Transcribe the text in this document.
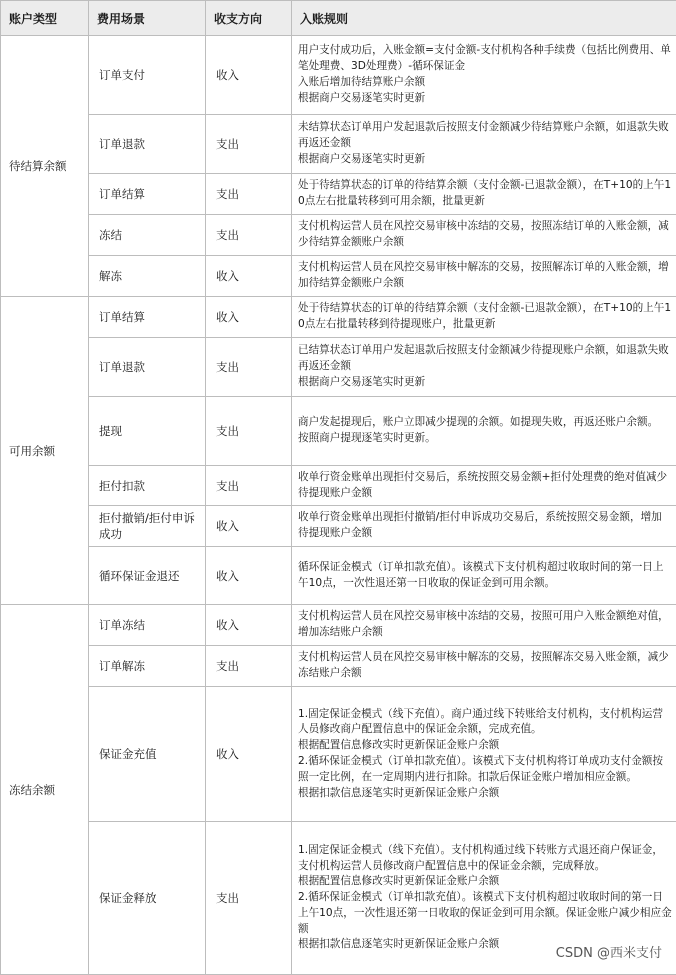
账户类型	费用场景	收支方向	入账规则
待结算余额	订单支付	收入	用户支付成功后，入账金额=支付金额-支付机构各种手续费（包括比例费用、单笔处理费、3D处理费）-循环保证金
入账后增加待结算账户余额
根据商户交易逐笔实时更新

	订单退款	支出	未结算状态订单用户发起退款后按照支付金额减少待结算账户余额，如退款失败再返还金额
根据商户交易逐笔实时更新

	订单结算	支出	处于待结算状态的订单的待结算余额（支付金额-已退款金额），在T+10的上午10点左右批量转移到可用余额，批量更新

	冻结	支出	支付机构运营人员在风控交易审核中冻结的交易，按照冻结订单的入账金额，减少待结算金额账户余额

	解冻	收入	支付机构运营人员在风控交易审核中解冻的交易，按照解冻订单的入账金额，增加待结算金额账户余额

可用余额	订单结算	收入	处于待结算状态的订单的待结算余额（支付金额-已退款金额），在T+10的上午10点左右批量转移到待提现账户，批量更新

	订单退款	支出	已结算状态订单用户发起退款后按照支付金额减少待提现账户余额，如退款失败再返还金额
根据商户交易逐笔实时更新

	提现	支出	商户发起提现后，账户立即减少提现的余额。如提现失败，再返还账户余额。
按照商户提现逐笔实时更新。

	拒付扣款	支出	收单行资金账单出现拒付交易后，系统按照交易金额+拒付处理费的绝对值减少待提现账户金额

	拒付撤销/拒付申诉成功	收入	收单行资金账单出现拒付撤销/拒付申诉成功交易后，系统按照交易金额，增加待提现账户金额

	循环保证金退还	收入	循环保证金模式（订单扣款充值）。该模式下支付机构超过收取时间的第一日上午10点，一次性退还第一日收取的保证金到可用余额。

冻结余额	订单冻结	收入	支付机构运营人员在风控交易审核中冻结的交易，按照可用户入账金额绝对值，增加冻结账户余额

	订单解冻	支出	支付机构运营人员在风控交易审核中解冻的交易，按照解冻交易入账金额，减少冻结账户余额

	保证金充值	收入	1.固定保证金模式（线下充值）。商户通过线下转账给支付机构，支付机构运营人员修改商户配置信息中的保证金余额，完成充值。
根据配置信息修改实时更新保证金账户余额
2.循环保证金模式（订单扣款充值）。该模式下支付机构将订单成功支付金额按照一定比例，在一定周期内进行扣除。扣款后保证金账户增加相应金额。
根据扣款信息逐笔实时更新保证金账户余额

	保证金释放	支出	1.固定保证金模式（线下充值）。支付机构通过线下转账方式退还商户保证金，支付机构运营人员修改商户配置信息中的保证金余额，完成释放。
根据配置信息修改实时更新保证金账户余额
2.循环保证金模式（订单扣款充值）。该模式下支付机构超过收取时间的第一日上午10点，一次性退还第一日收取的保证金到可用余额。保证金账户减少相应金额
根据扣款信息逐笔实时更新保证金账户余额
CSDN @西米支付
